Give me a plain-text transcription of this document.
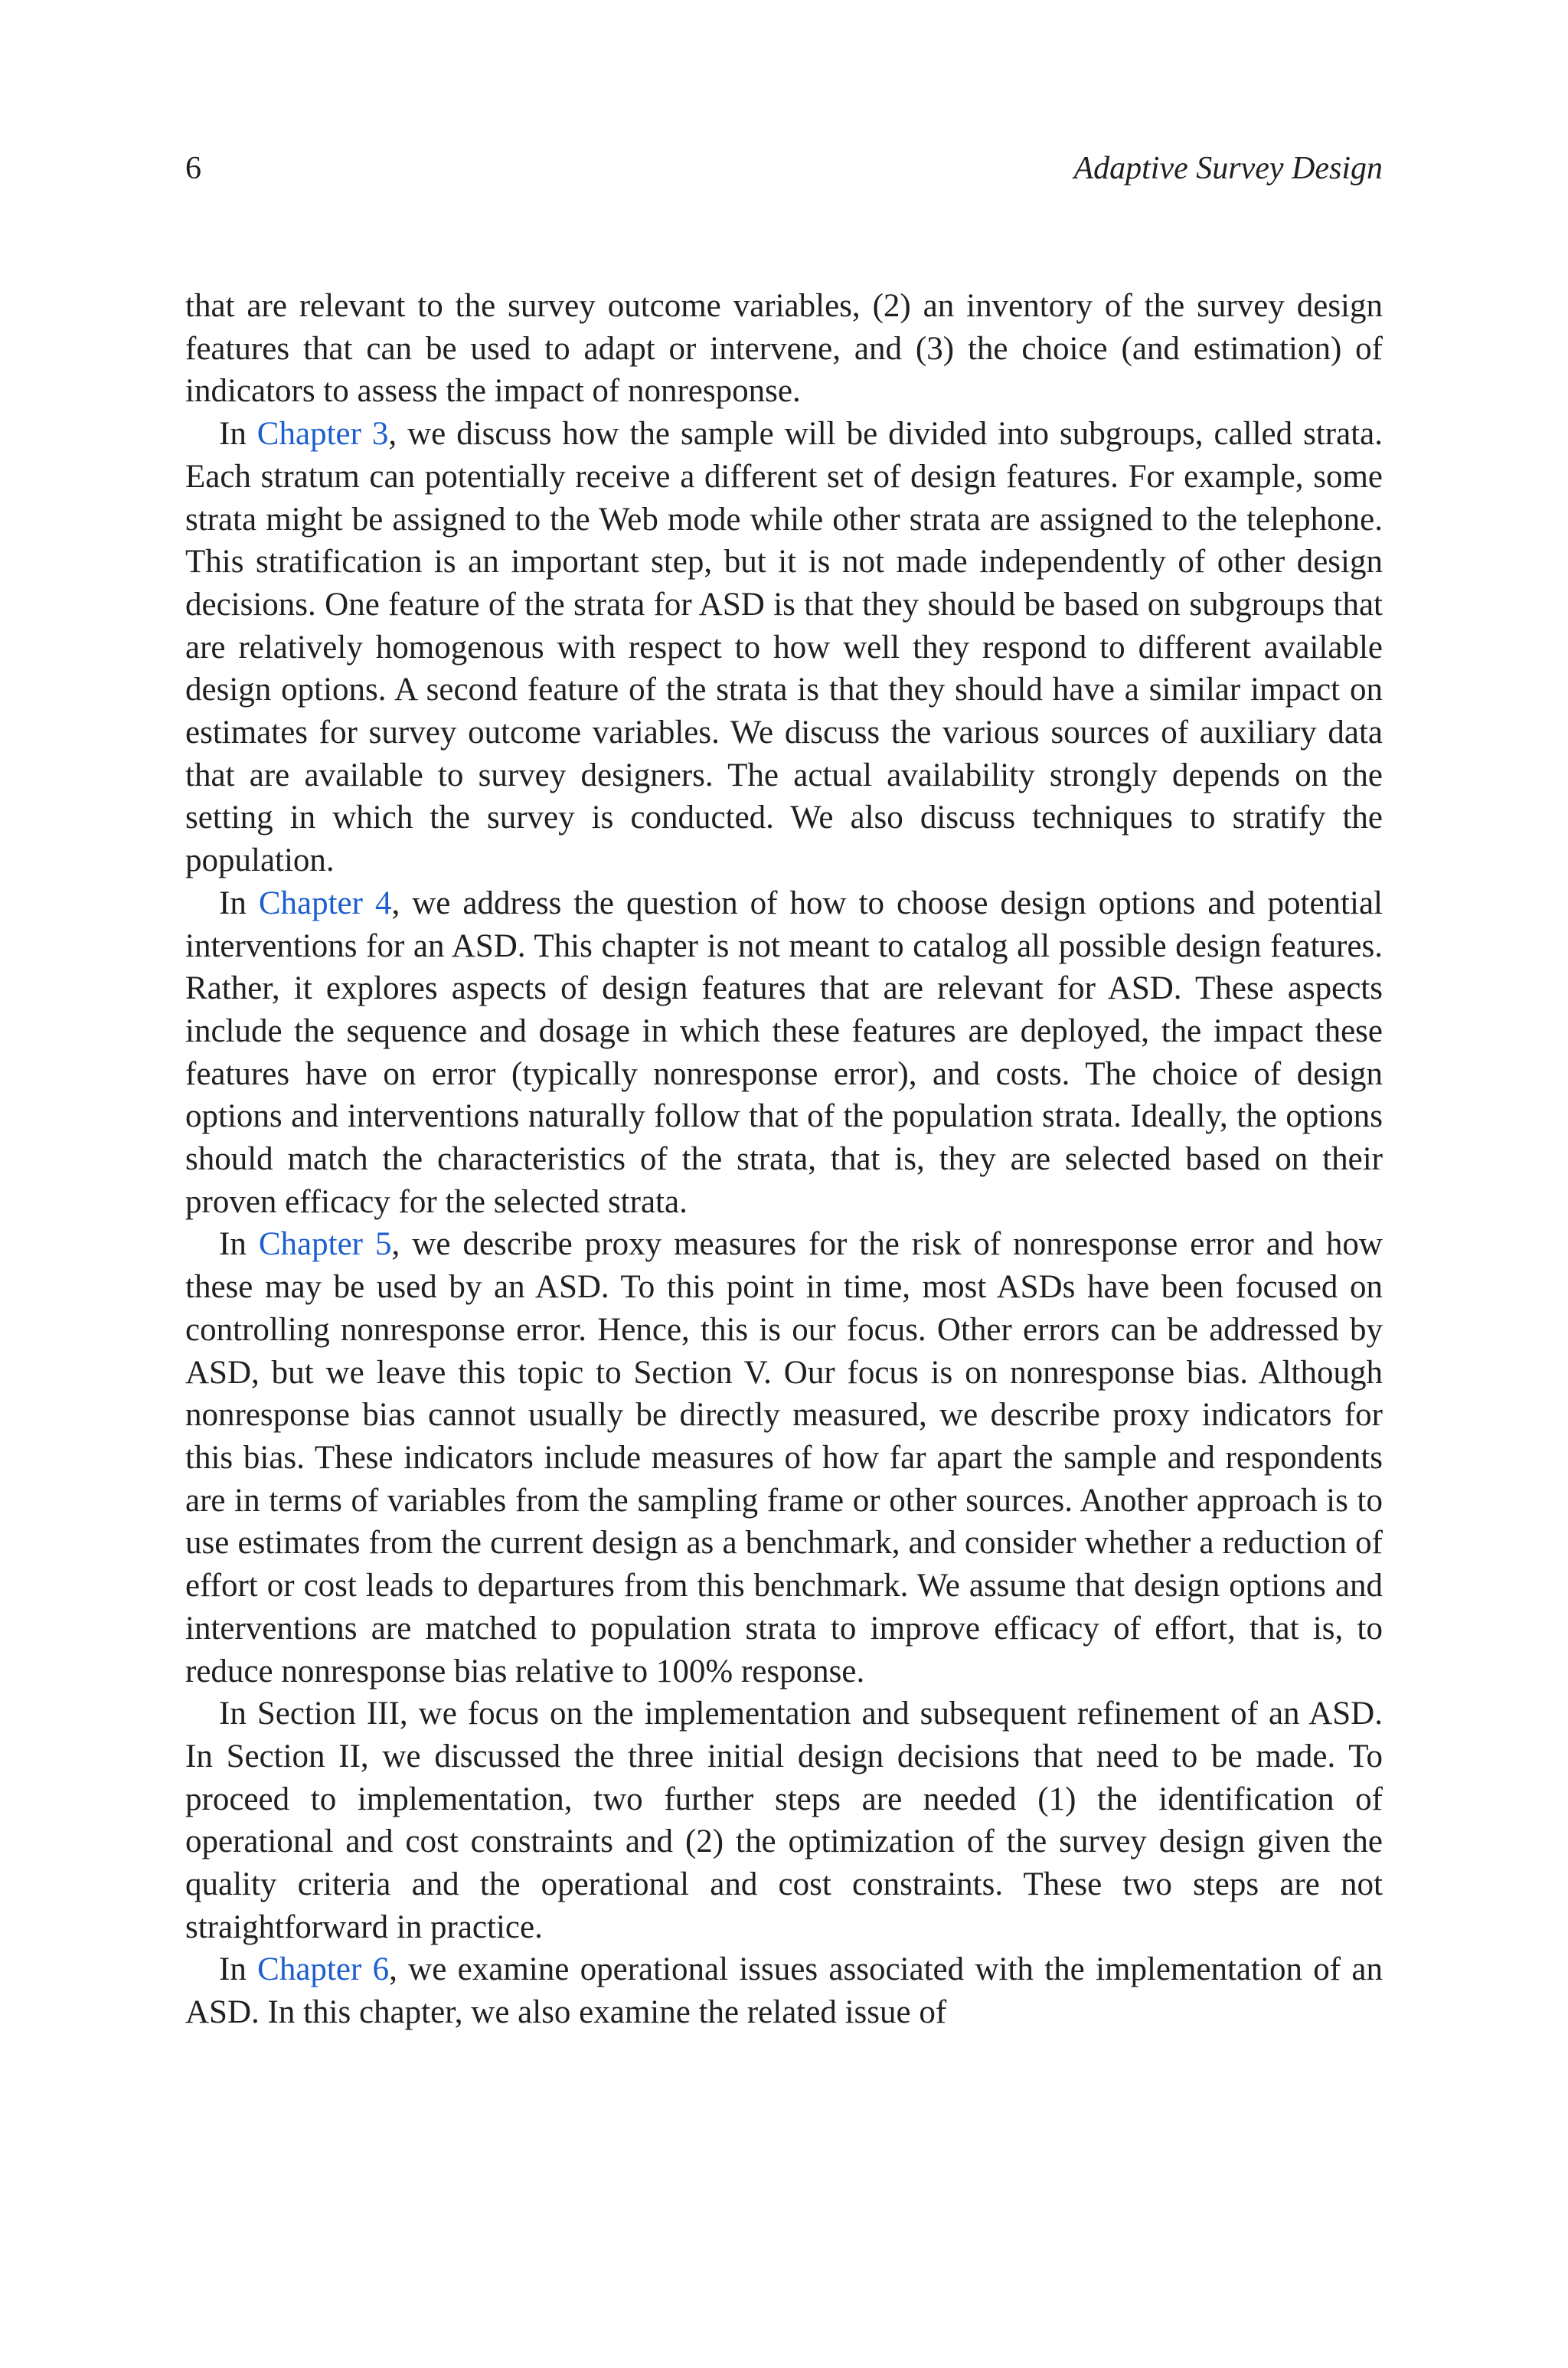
6	Adaptive Survey Design

that are relevant to the survey outcome variables, (2) an inventory of the survey design features that can be used to adapt or intervene, and (3) the choice (and estimation) of indicators to assess the impact of nonresponse.

In Chapter 3, we discuss how the sample will be divided into subgroups, called strata. Each stratum can potentially receive a different set of design features. For example, some strata might be assigned to the Web mode while other strata are assigned to the telephone. This stratification is an important step, but it is not made independently of other design decisions. One feature of the strata for ASD is that they should be based on subgroups that are relatively homogenous with respect to how well they respond to different available design options. A second feature of the strata is that they should have a similar impact on estimates for survey outcome variables. We discuss the various sources of auxiliary data that are available to survey designers. The actual availability strongly depends on the setting in which the survey is conducted. We also discuss techniques to stratify the population.

In Chapter 4, we address the question of how to choose design options and potential interventions for an ASD. This chapter is not meant to catalog all possible design features. Rather, it explores aspects of design features that are relevant for ASD. These aspects include the sequence and dosage in which these features are deployed, the impact these features have on error (typically nonresponse error), and costs. The choice of design options and interventions naturally follow that of the population strata. Ideally, the options should match the characteristics of the strata, that is, they are selected based on their proven efficacy for the selected strata.

In Chapter 5, we describe proxy measures for the risk of nonresponse error and how these may be used by an ASD. To this point in time, most ASDs have been focused on controlling nonresponse error. Hence, this is our focus. Other errors can be addressed by ASD, but we leave this topic to Section V. Our focus is on nonresponse bias. Although nonresponse bias cannot usually be directly measured, we describe proxy indicators for this bias. These indicators include measures of how far apart the sample and respondents are in terms of variables from the sampling frame or other sources. Another approach is to use estimates from the current design as a benchmark, and consider whether a reduction of effort or cost leads to departures from this benchmark. We assume that design options and interventions are matched to population strata to improve efficacy of effort, that is, to reduce nonresponse bias relative to 100% response.

In Section III, we focus on the implementation and subsequent refinement of an ASD. In Section II, we discussed the three initial design decisions that need to be made. To proceed to implementation, two further steps are needed (1) the identification of operational and cost constraints and (2) the optimization of the survey design given the quality criteria and the operational and cost constraints. These two steps are not straightforward in practice.

In Chapter 6, we examine operational issues associated with the implementation of an ASD. In this chapter, we also examine the related issue of
